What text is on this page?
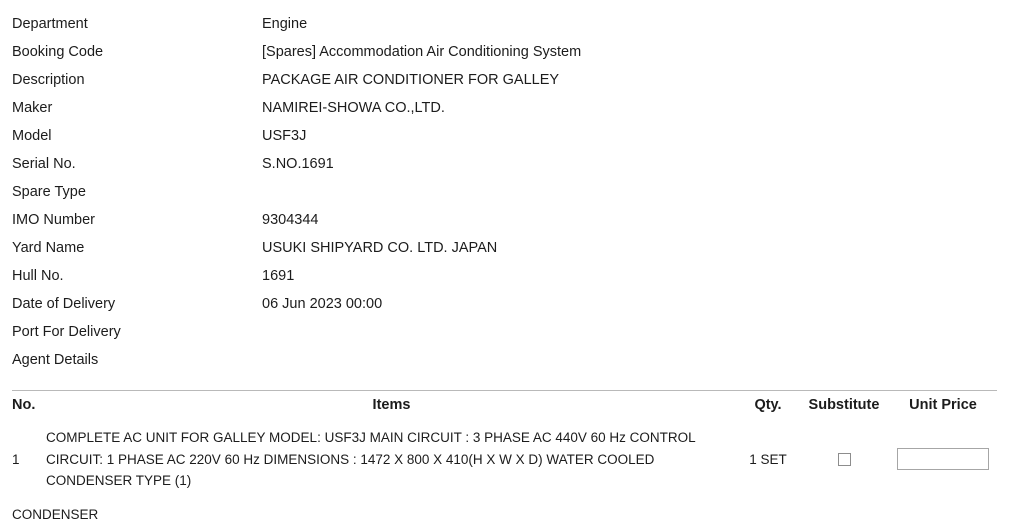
Department	Engine
Booking Code	[Spares] Accommodation Air Conditioning System
Description	PACKAGE AIR CONDITIONER FOR GALLEY
Maker	NAMIREI-SHOWA CO.,LTD.
Model	USF3J
Serial No.	S.NO.1691
Spare Type	
IMO Number	9304344
Yard Name	USUKI SHIPYARD CO. LTD. JAPAN
Hull No.	1691
Date of Delivery	06 Jun 2023 00:00
Port For Delivery	
Agent Details	
No.	Items	Qty.	Substitute	Unit Price
1	COMPLETE AC UNIT FOR GALLEY MODEL: USF3J MAIN CIRCUIT : 3 PHASE AC 440V 60 Hz CONTROL CIRCUIT: 1 PHASE AC 220V 60 Hz DIMENSIONS : 1472 X 800 X 410(H X W X D) WATER COOLED CONDENSER TYPE (1)	1 SET		
CONDENSER
